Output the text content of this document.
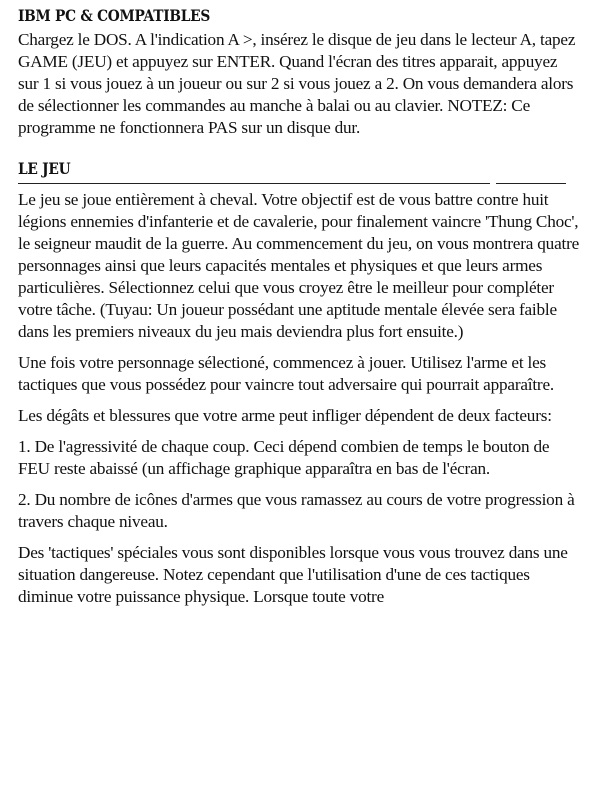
IBM PC & COMPATIBLES

Chargez le DOS. A l'indication A >, insérez le disque de jeu dans le lecteur A, tapez GAME (JEU) et appuyez sur ENTER. Quand l'écran des titres apparait, appuyez sur 1 si vous jouez à un joueur ou sur 2 si vous jouez a 2. On vous demandera alors de sélectionner les commandes au manche à balai ou au clavier. NOTEZ: Ce programme ne fonctionnera PAS sur un disque dur.

LE JEU

Le jeu se joue entièrement à cheval. Votre objectif est de vous battre contre huit légions ennemies d'infanterie et de cavalerie, pour finalement vaincre 'Thung Choc', le seigneur maudit de la guerre. Au commencement du jeu, on vous montrera quatre personnages ainsi que leurs capacités mentales et physiques et que leurs armes particulières. Sélectionnez celui que vous croyez être le meilleur pour compléter votre tâche. (Tuyau: Un joueur possédant une aptitude mentale élevée sera faible dans les premiers niveaux du jeu mais deviendra plus fort ensuite.)

Une fois votre personnage sélectioné, commencez à jouer. Utilisez l'arme et les tactiques que vous possédez pour vaincre tout adversaire qui pourrait apparaître.

Les dégâts et blessures que votre arme peut infliger dépendent de deux facteurs:

1. De l'agressivité de chaque coup. Ceci dépend combien de temps le bouton de FEU reste abaissé (un affichage graphique apparaîtra en bas de l'écran.

2. Du nombre de icônes d'armes que vous ramassez au cours de votre progression à travers chaque niveau.

Des 'tactiques' spéciales vous sont disponibles lorsque vous vous trouvez dans une situation dangereuse. Notez cependant que l'utilisation d'une de ces tactiques diminue votre puissance physique. Lorsque toute votre
